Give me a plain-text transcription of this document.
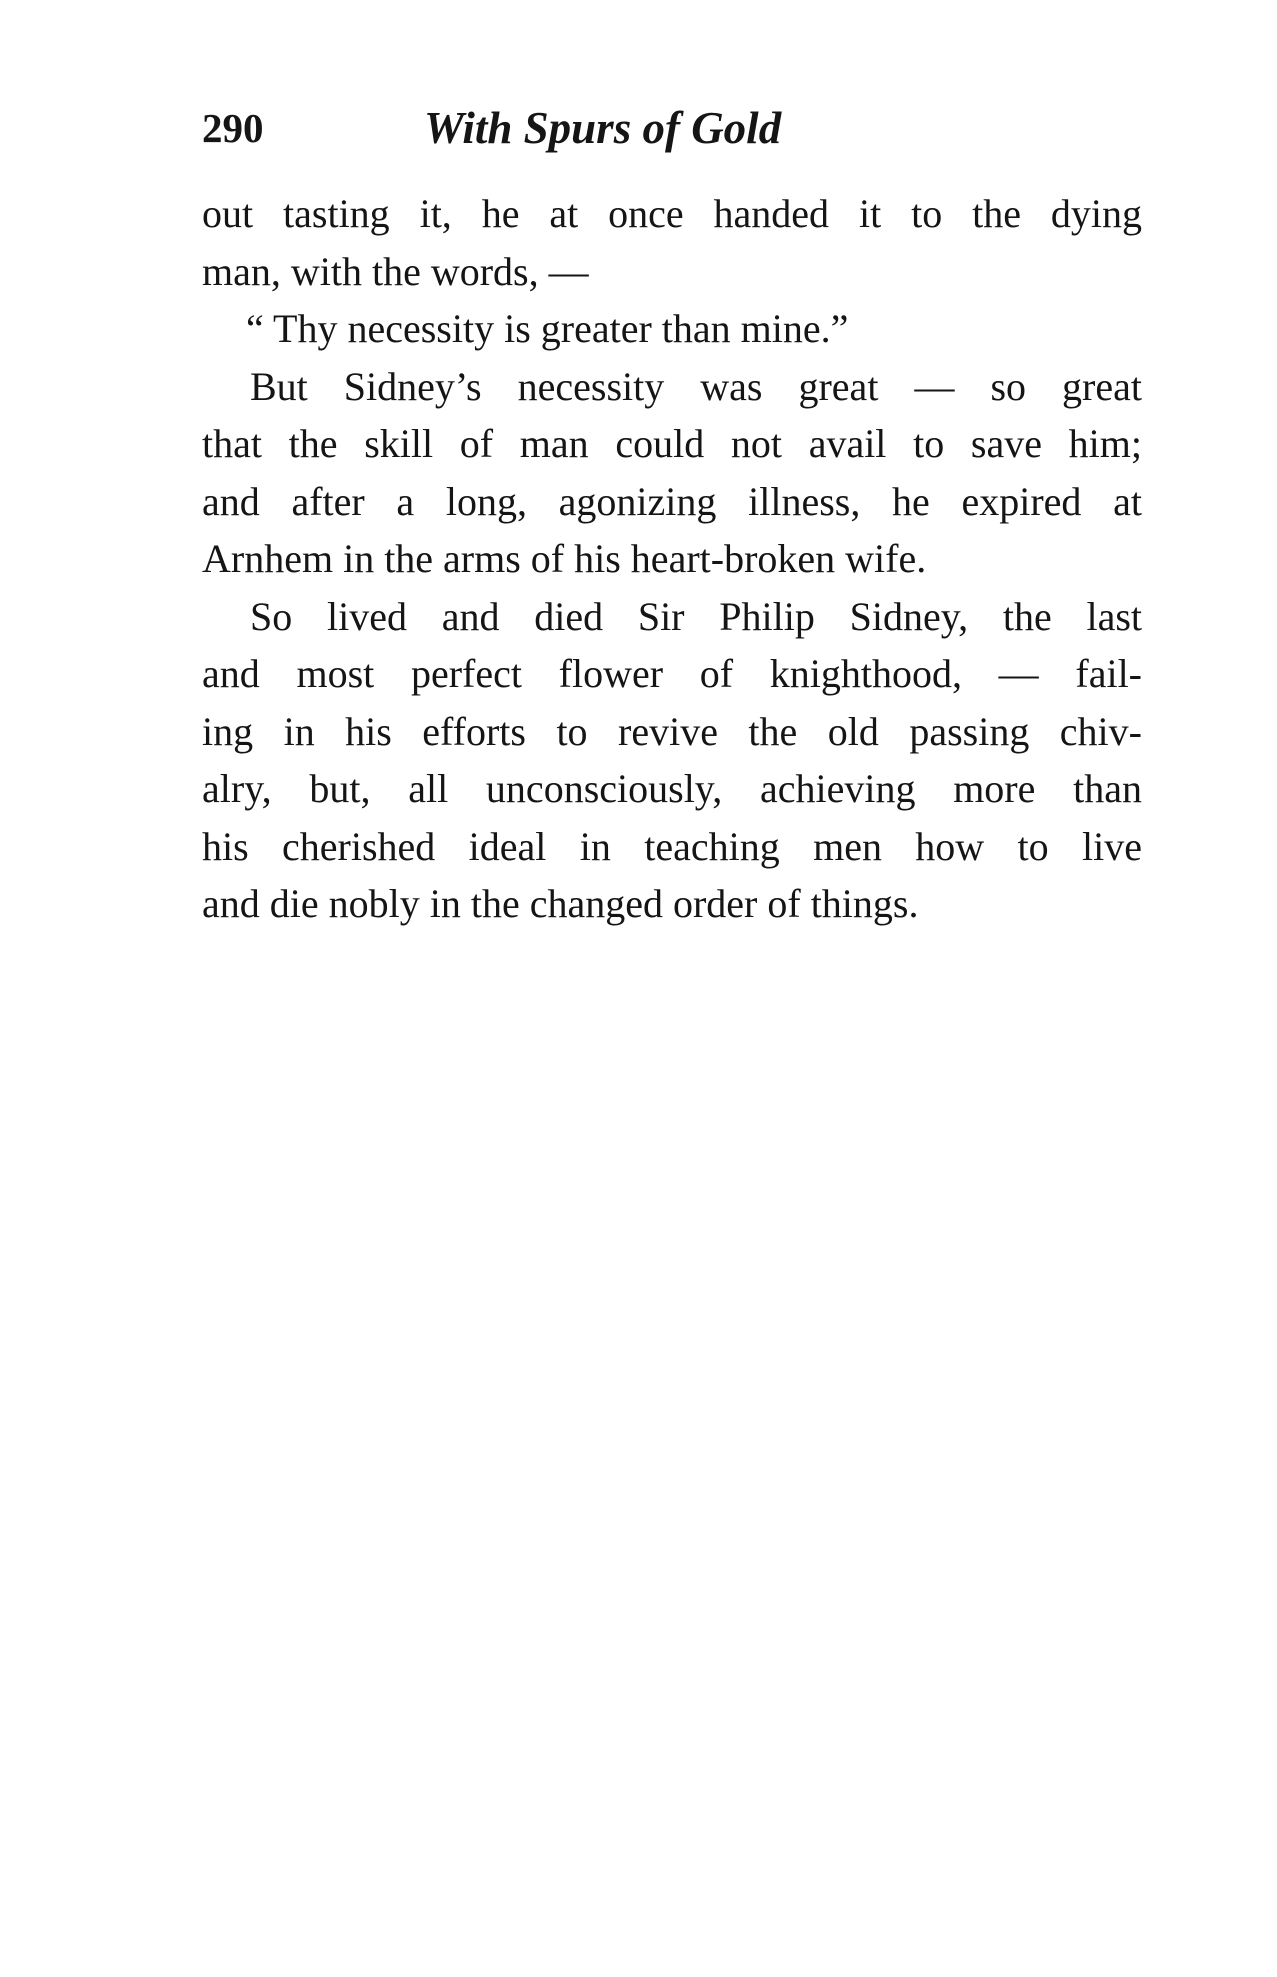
290	With Spurs of Gold
out tasting it, he at once handed it to the dying
man, with the words, —
“ Thy necessity is greater than mine.”
But Sidney’s necessity was great — so great
that the skill of man could not avail to save him;
and after a long, agonizing illness, he expired at
Arnhem in the arms of his heart-broken wife.
So lived and died Sir Philip Sidney, the last
and most perfect flower of knighthood, — fail-
ing in his efforts to revive the old passing chiv-
alry, but, all unconsciously, achieving more than
his cherished ideal in teaching men how to live
and die nobly in the changed order of things.
